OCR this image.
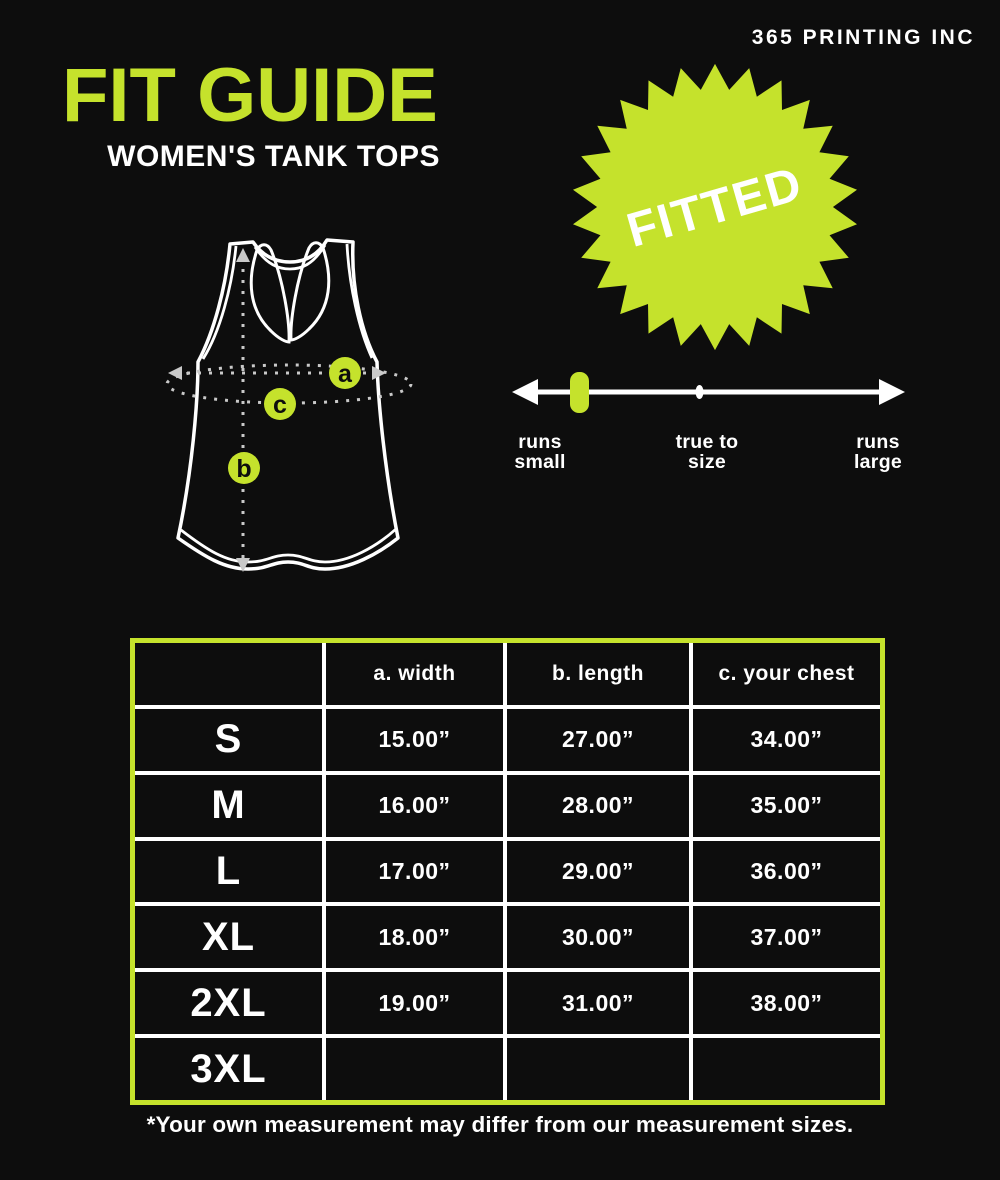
365 PRINTING INC
FIT GUIDE
WOMEN'S TANK TOPS
FITTED
a
c
b
runs
small
true to
size
runs
large
a. width	b. length	c. your chest
S	15.00”	27.00”	34.00”
M	16.00”	28.00”	35.00”
L	17.00”	29.00”	36.00”
XL	18.00”	30.00”	37.00”
2XL	19.00”	31.00”	38.00”
3XL
*Your own measurement may differ from our measurement sizes.
